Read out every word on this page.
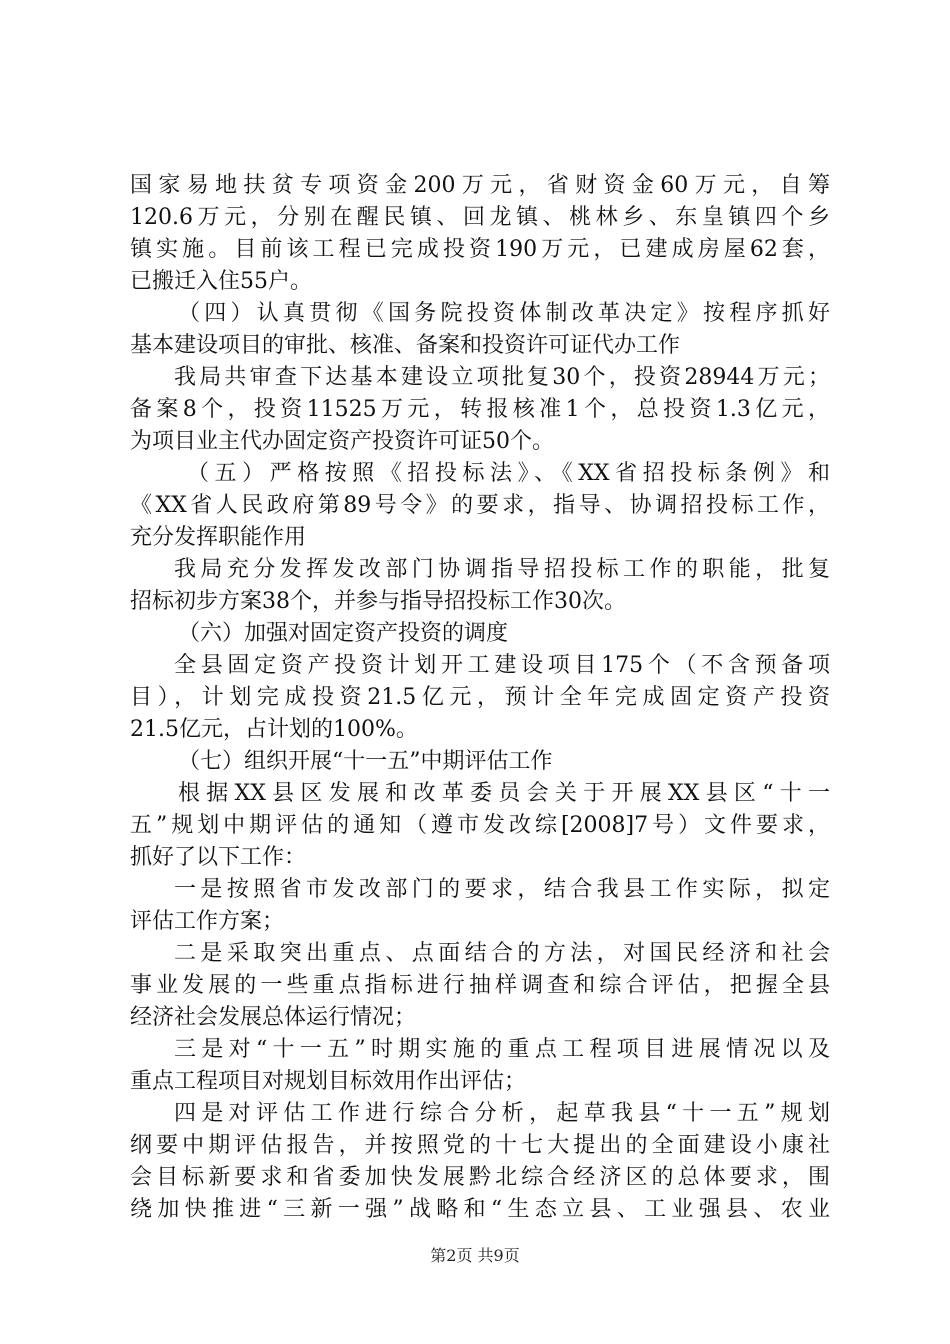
国家易地扶贫专项资金200万元，省财资金60万元，自筹
120.6万元，分别在醒民镇、回龙镇、桃林乡、东皇镇四个乡
镇实施。目前该工程已完成投资190万元，已建成房屋62套，
已搬迁入住55户。
（四）认真贯彻《国务院投资体制改革决定》按程序抓好
基本建设项目的审批、核准、备案和投资许可证代办工作
我局共审查下达基本建设立项批复30个，投资28944万元；
备案8个，投资11525万元，转报核准1个，总投资1.3亿元，
为项目业主代办固定资产投资许可证50个。
（五）严格按照《招投标法》、《XX省招投标条例》和
《XX省人民政府第89号令》的要求，指导、协调招投标工作，
充分发挥职能作用
我局充分发挥发改部门协调指导招投标工作的职能，批复
招标初步方案38个，并参与指导招投标工作30次。
（六）加强对固定资产投资的调度
全县固定资产投资计划开工建设项目175个（不含预备项
目），计划完成投资21.5亿元，预计全年完成固定资产投资
21.5亿元，占计划的100%。
（七）组织开展“十一五”中期评估工作
根据XX县区发展和改革委员会关于开展XX县区“十一
五”规划中期评估的通知（遵市发改综[2008]7号）文件要求，
抓好了以下工作：
一是按照省市发改部门的要求，结合我县工作实际，拟定
评估工作方案；
二是采取突出重点、点面结合的方法，对国民经济和社会
事业发展的一些重点指标进行抽样调查和综合评估，把握全县
经济社会发展总体运行情况；
三是对“十一五”时期实施的重点工程项目进展情况以及
重点工程项目对规划目标效用作出评估；
四是对评估工作进行综合分析，起草我县“十一五”规划
纲要中期评估报告，并按照党的十七大提出的全面建设小康社
会目标新要求和省委加快发展黔北综合经济区的总体要求，围
绕加快推进“三新一强”战略和“生态立县、工业强县、农业
第2页 共9页
